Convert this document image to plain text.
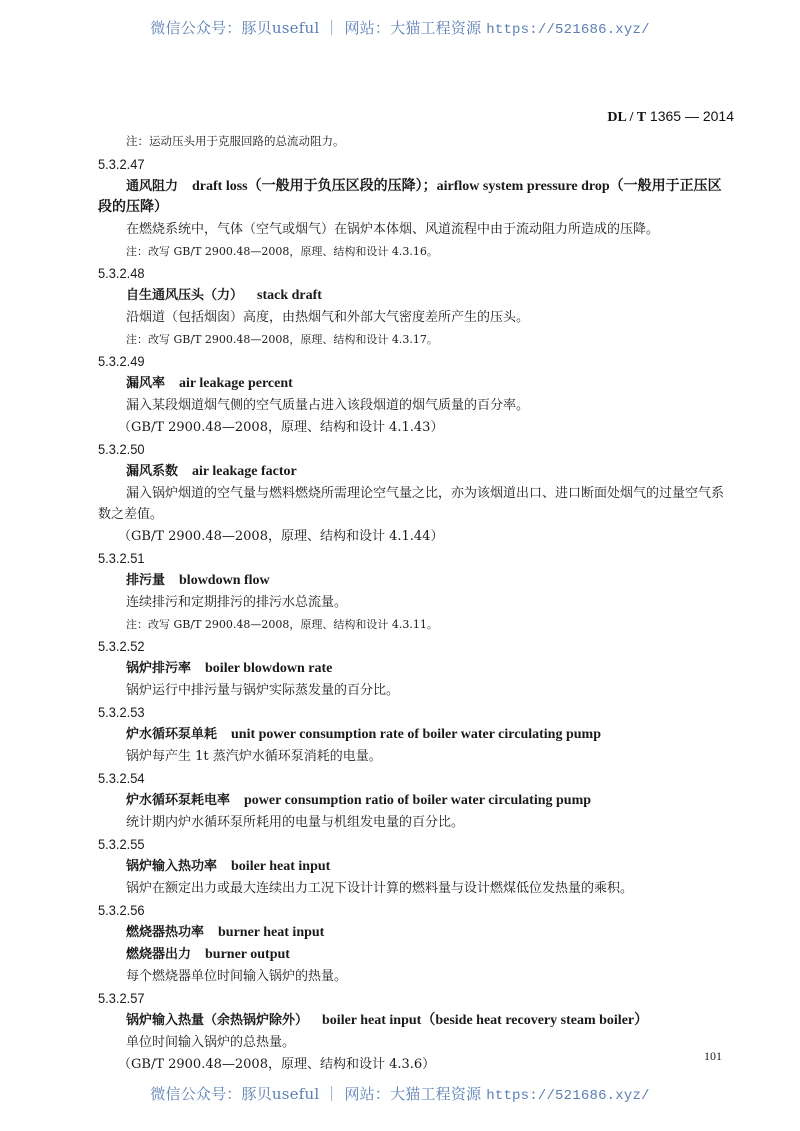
微信公众号：豚贝useful ｜ 网站：大猫工程资源 https://521686.xyz/
DL / T 1365 — 2014
注：运动压头用于克服回路的总流动阻力。
5.3.2.47
通风阻力 draft loss（一般用于负压区段的压降）；airflow system pressure drop（一般用于正压区段的压降）
在燃烧系统中，气体（空气或烟气）在锅炉本体烟、风道流程中由于流动阻力所造成的压降。
注：改写 GB/T 2900.48—2008，原理、结构和设计 4.3.16。
5.3.2.48
自生通风压头（力） stack draft
沿烟道（包括烟囱）高度，由热烟气和外部大气密度差所产生的压头。
注：改写 GB/T 2900.48—2008，原理、结构和设计 4.3.17。
5.3.2.49
漏风率 air leakage percent
漏入某段烟道烟气侧的空气质量占进入该段烟道的烟气质量的百分率。
（GB/T 2900.48—2008，原理、结构和设计 4.1.43）
5.3.2.50
漏风系数 air leakage factor
漏入锅炉烟道的空气量与燃料燃烧所需理论空气量之比，亦为该烟道出口、进口断面处烟气的过量空气系数之差值。
（GB/T 2900.48—2008，原理、结构和设计 4.1.44）
5.3.2.51
排污量 blowdown flow
连续排污和定期排污的排污水总流量。
注：改写 GB/T 2900.48—2008，原理、结构和设计 4.3.11。
5.3.2.52
锅炉排污率 boiler blowdown rate
锅炉运行中排污量与锅炉实际蒸发量的百分比。
5.3.2.53
炉水循环泵单耗 unit power consumption rate of boiler water circulating pump
锅炉每产生 1t 蒸汽炉水循环泵消耗的电量。
5.3.2.54
炉水循环泵耗电率 power consumption ratio of boiler water circulating pump
统计期内炉水循环泵所耗用的电量与机组发电量的百分比。
5.3.2.55
锅炉输入热功率 boiler heat input
锅炉在额定出力或最大连续出力工况下设计计算的燃料量与设计燃煤低位发热量的乘积。
5.3.2.56
燃烧器热功率 burner heat input
燃烧器出力 burner output
每个燃烧器单位时间输入锅炉的热量。
5.3.2.57
锅炉输入热量（余热锅炉除外） boiler heat input（beside heat recovery steam boiler）
单位时间输入锅炉的总热量。
（GB/T 2900.48—2008，原理、结构和设计 4.3.6）
101
微信公众号：豚贝useful ｜ 网站：大猫工程资源 https://521686.xyz/
